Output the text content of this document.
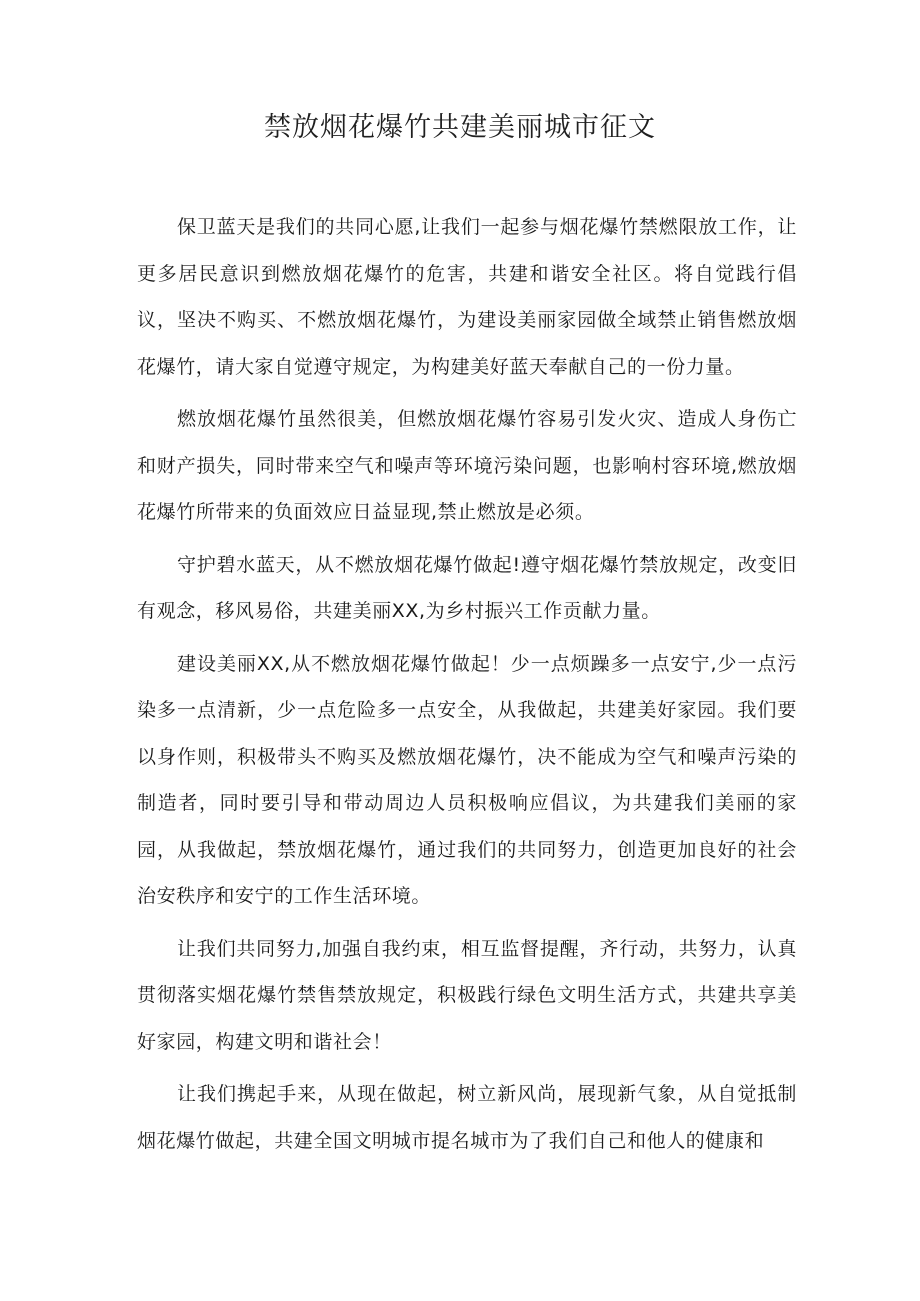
禁放烟花爆竹共建美丽城市征文

保卫蓝天是我们的共同心愿,让我们一起参与烟花爆竹禁燃限放工作，让更多居民意识到燃放烟花爆竹的危害，共建和谐安全社区。将自觉践行倡议，坚决不购买、不燃放烟花爆竹，为建设美丽家园做全域禁止销售燃放烟花爆竹，请大家自觉遵守规定，为构建美好蓝天奉献自己的一份力量。

燃放烟花爆竹虽然很美，但燃放烟花爆竹容易引发火灾、造成人身伤亡和财产损失，同时带来空气和噪声等环境污染问题，也影响村容环境,燃放烟花爆竹所带来的负面效应日益显现,禁止燃放是必须。

守护碧水蓝天，从不燃放烟花爆竹做起!遵守烟花爆竹禁放规定，改变旧有观念，移风易俗，共建美丽XX,为乡村振兴工作贡献力量。

建设美丽XX,从不燃放烟花爆竹做起！少一点烦躁多一点安宁,少一点污染多一点清新，少一点危险多一点安全，从我做起，共建美好家园。我们要以身作则，积极带头不购买及燃放烟花爆竹，决不能成为空气和噪声污染的制造者，同时要引导和带动周边人员积极响应倡议，为共建我们美丽的家园，从我做起，禁放烟花爆竹，通过我们的共同努力，创造更加良好的社会治安秩序和安宁的工作生活环境。

让我们共同努力,加强自我约束，相互监督提醒，齐行动，共努力，认真贯彻落实烟花爆竹禁售禁放规定，积极践行绿色文明生活方式，共建共享美好家园，构建文明和谐社会！

让我们携起手来，从现在做起，树立新风尚，展现新气象，从自觉抵制烟花爆竹做起，共建全国文明城市提名城市为了我们自己和他人的健康和
